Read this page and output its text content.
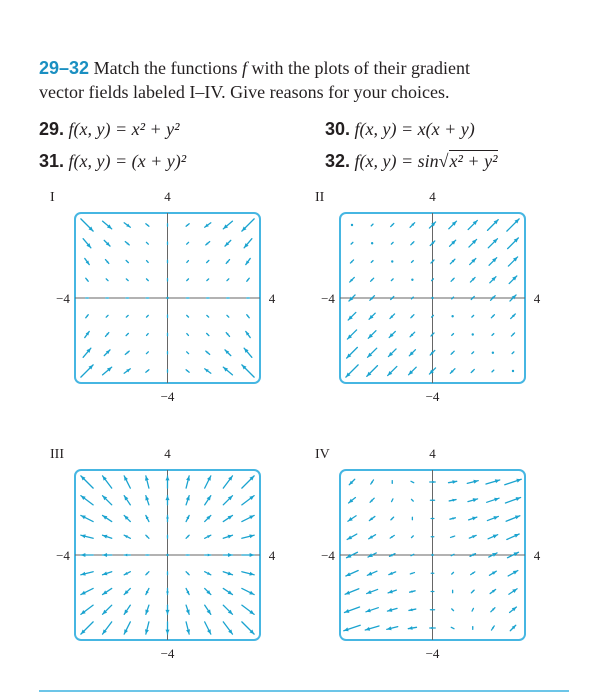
29–32 Match the functions f with the plots of their gradient
vector fields labeled I–IV. Give reasons for your choices.
29. f(x, y) = x² + y²	30. f(x, y) = x(x + y)
31. f(x, y) = (x + y)²	32. f(x, y) = sin√x² + y²
I	4
−4
−4	4
II	4
−4
−4	4
III	4
−4
−4	4
IV	4
−4
−4	4
